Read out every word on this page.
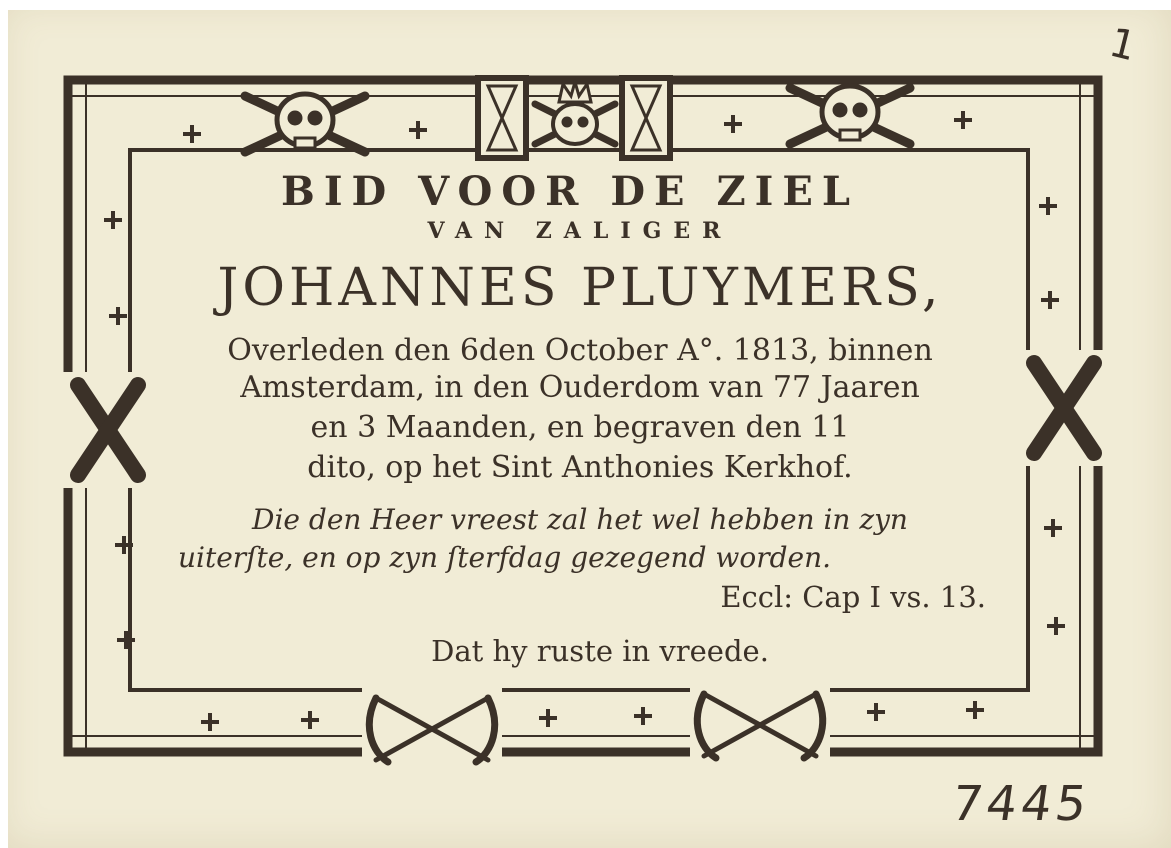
BID VOOR DE ZIEL
VAN ZALIGER
JOHANNES PLUYMERS,
Overleden den 6den October A°. 1813, binnen
Amsterdam, in den Ouderdom van 77 Jaaren
en 3 Maanden, en begraven den 11
dito, op het Sint Anthonies Kerkhof.
Die den Heer vreest zal het wel hebben in zyn
uiterſte, en op zyn ſterfdag gezegend worden.
Eccl: Cap I vs. 13.
Dat hy ruste in vreede.
1
7445
